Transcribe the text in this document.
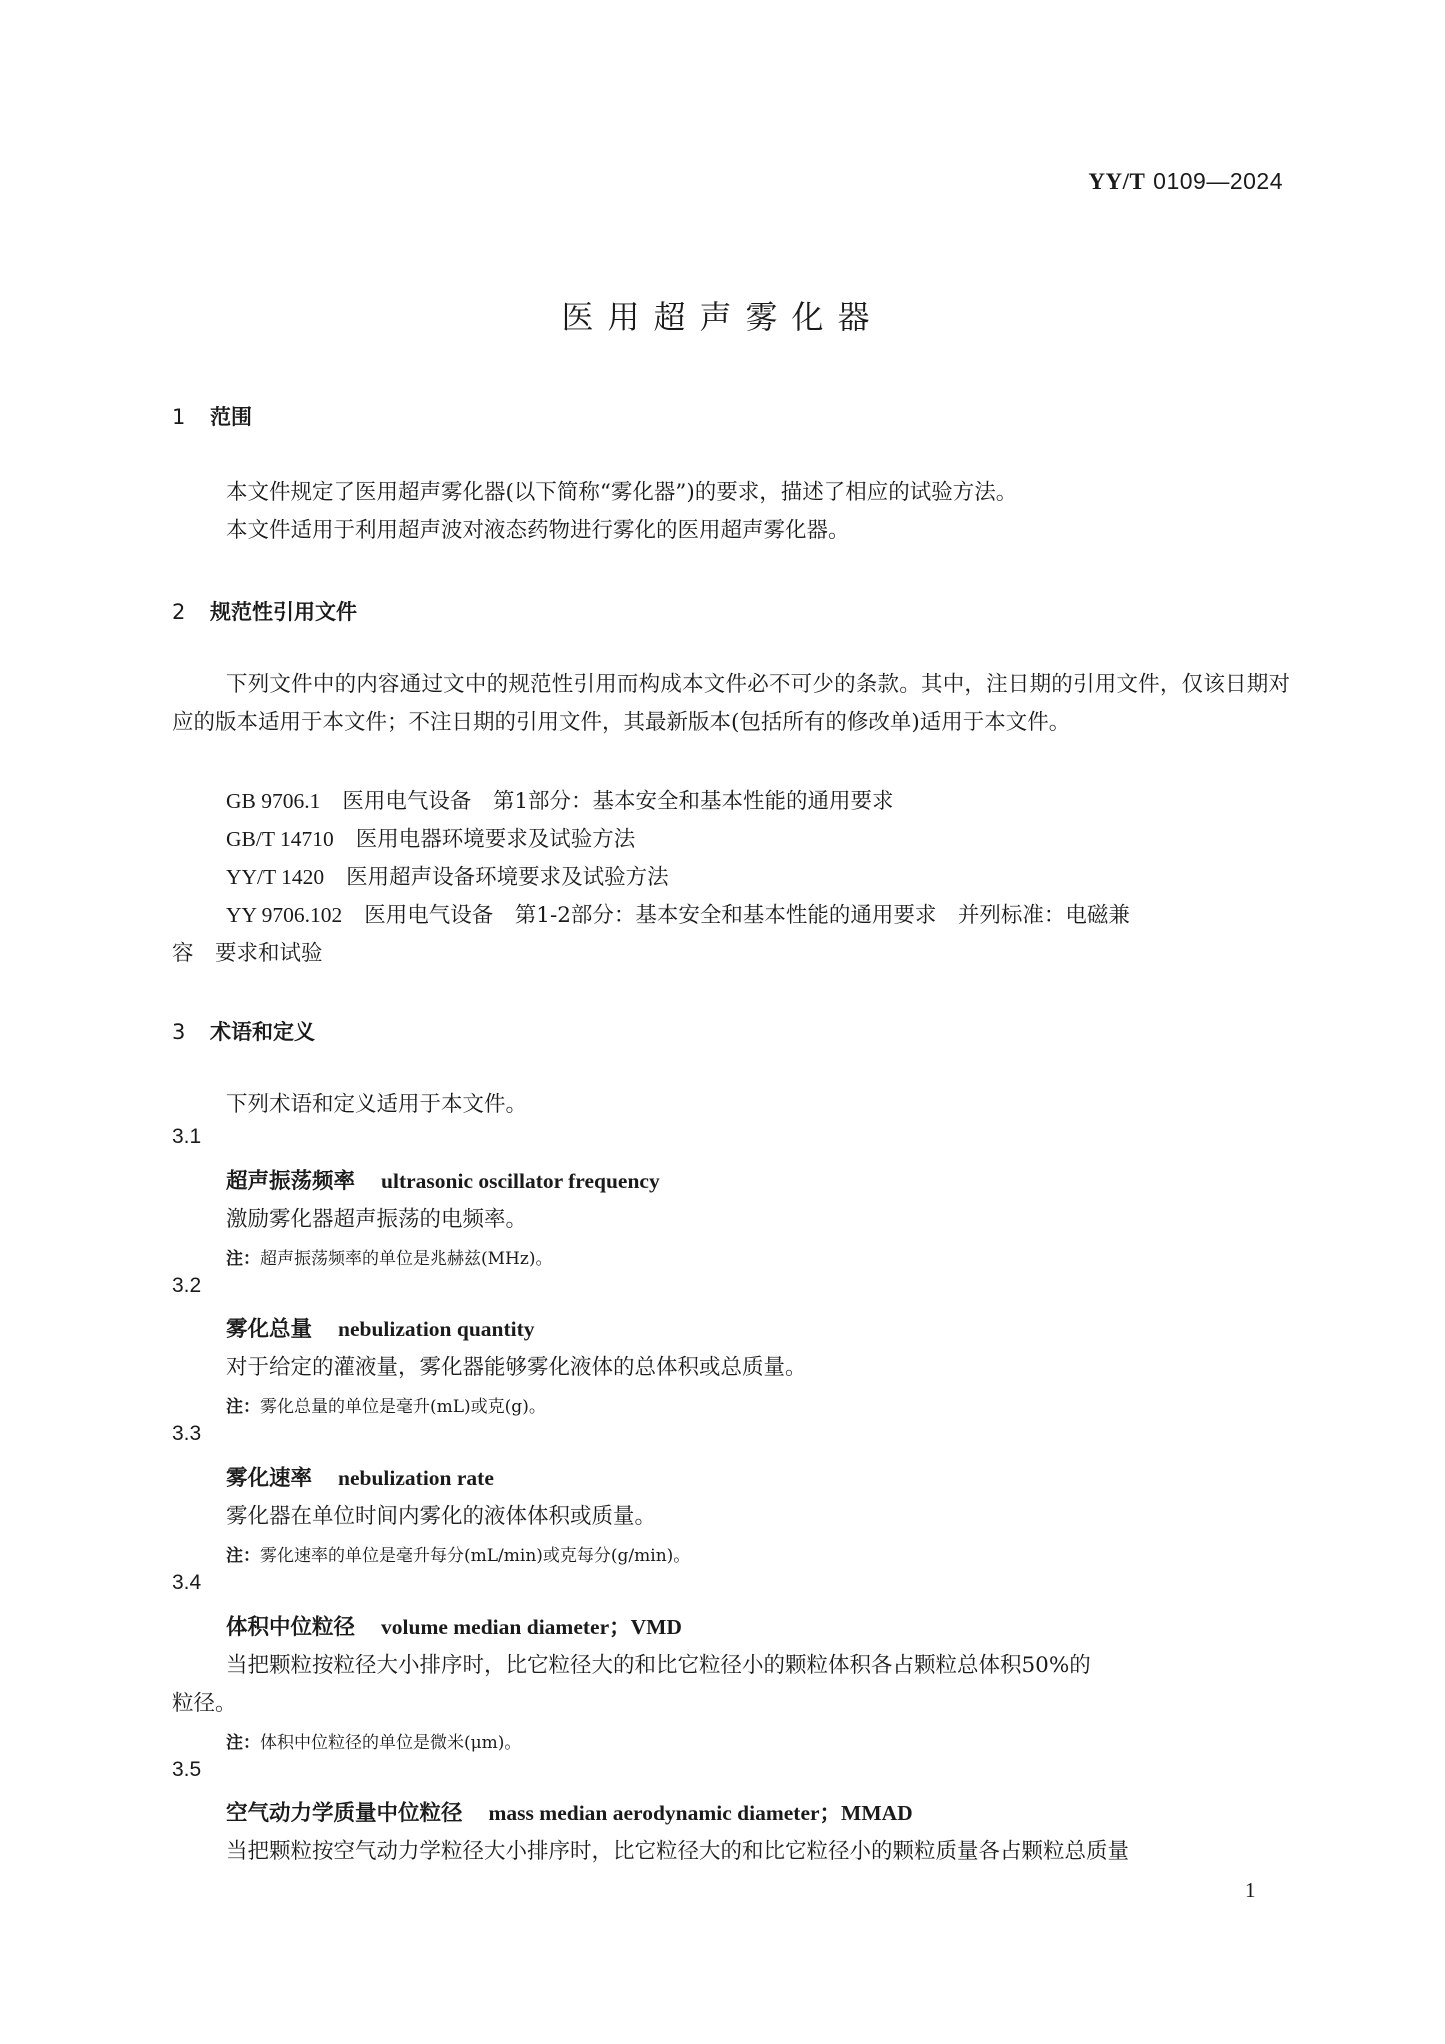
YY/T 0109—2024
医用超声雾化器
1 范围
本文件规定了医用超声雾化器(以下简称“雾化器”)的要求，描述了相应的试验方法。
本文件适用于利用超声波对液态药物进行雾化的医用超声雾化器。
2 规范性引用文件
下列文件中的内容通过文中的规范性引用而构成本文件必不可少的条款。其中，注日期的引用文件，仅该日期对应的版本适用于本文件；不注日期的引用文件，其最新版本(包括所有的修改单)适用于本文件。
GB 9706.1 医用电气设备　第1部分：基本安全和基本性能的通用要求
GB/T 14710 医用电器环境要求及试验方法
YY/T 1420 医用超声设备环境要求及试验方法
YY 9706.102 医用电气设备　第1-2部分：基本安全和基本性能的通用要求　并列标准：电磁兼
容　要求和试验
3 术语和定义
下列术语和定义适用于本文件。
3.1
超声振荡频率 ultrasonic oscillator frequency
激励雾化器超声振荡的电频率。
注：超声振荡频率的单位是兆赫兹(MHz)。
3.2
雾化总量 nebulization quantity
对于给定的灌液量，雾化器能够雾化液体的总体积或总质量。
注：雾化总量的单位是毫升(mL)或克(g)。
3.3
雾化速率 nebulization rate
雾化器在单位时间内雾化的液体体积或质量。
注：雾化速率的单位是毫升每分(mL/min)或克每分(g/min)。
3.4
体积中位粒径 volume median diameter；VMD
当把颗粒按粒径大小排序时，比它粒径大的和比它粒径小的颗粒体积各占颗粒总体积50%的
粒径。
注：体积中位粒径的单位是微米(μm)。
3.5
空气动力学质量中位粒径 mass median aerodynamic diameter；MMAD
当把颗粒按空气动力学粒径大小排序时，比它粒径大的和比它粒径小的颗粒质量各占颗粒总质量
1
